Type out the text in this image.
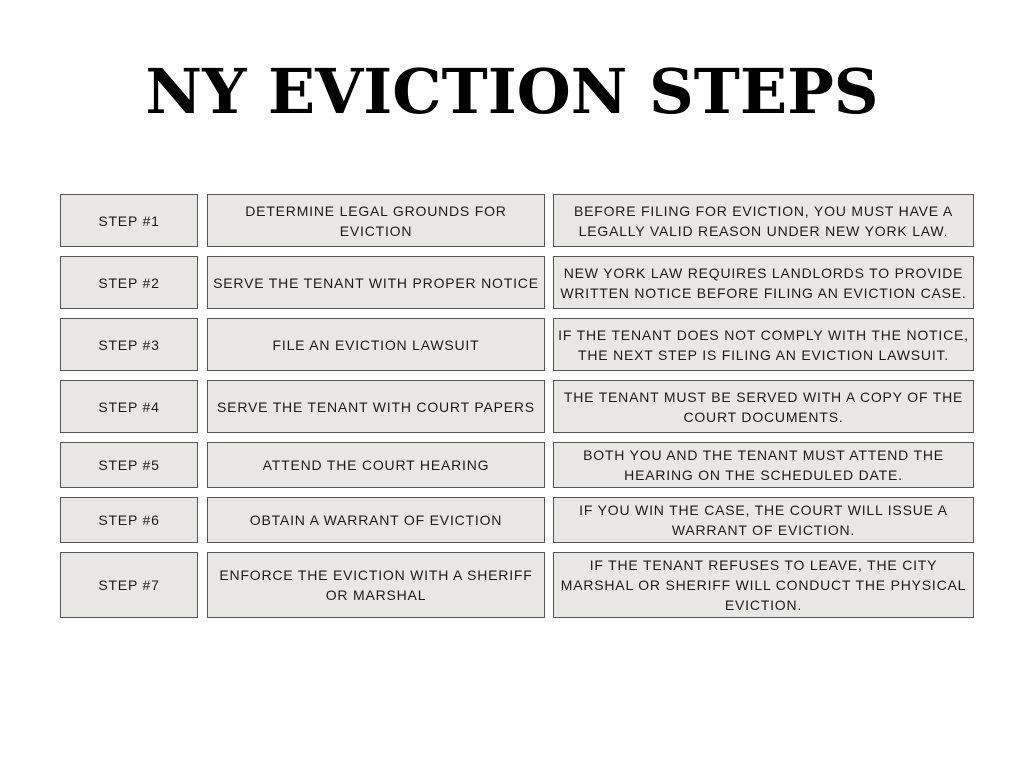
NY EVICTION STEPS
STEP #1
DETERMINE LEGAL GROUNDS FOR EVICTION
BEFORE FILING FOR EVICTION, YOU MUST HAVE A LEGALLY VALID REASON UNDER NEW YORK LAW.
STEP #2	SERVE THE TENANT WITH PROPER NOTICE
NEW YORK LAW REQUIRES LANDLORDS TO PROVIDE WRITTEN NOTICE BEFORE FILING AN EVICTION CASE.
STEP #3	FILE AN EVICTION LAWSUIT
IF THE TENANT DOES NOT COMPLY WITH THE NOTICE, THE NEXT STEP IS FILING AN EVICTION LAWSUIT.
STEP #4	SERVE THE TENANT WITH COURT PAPERS
THE TENANT MUST BE SERVED WITH A COPY OF THE COURT DOCUMENTS.
STEP #5	ATTEND THE COURT HEARING
BOTH YOU AND THE TENANT MUST ATTEND THE HEARING ON THE SCHEDULED DATE.
STEP #6	OBTAIN A WARRANT OF EVICTION
IF YOU WIN THE CASE, THE COURT WILL ISSUE A WARRANT OF EVICTION.
STEP #7
ENFORCE THE EVICTION WITH A SHERIFF OR MARSHAL
IF THE TENANT REFUSES TO LEAVE, THE CITY MARSHAL OR SHERIFF WILL CONDUCT THE PHYSICAL EVICTION.
